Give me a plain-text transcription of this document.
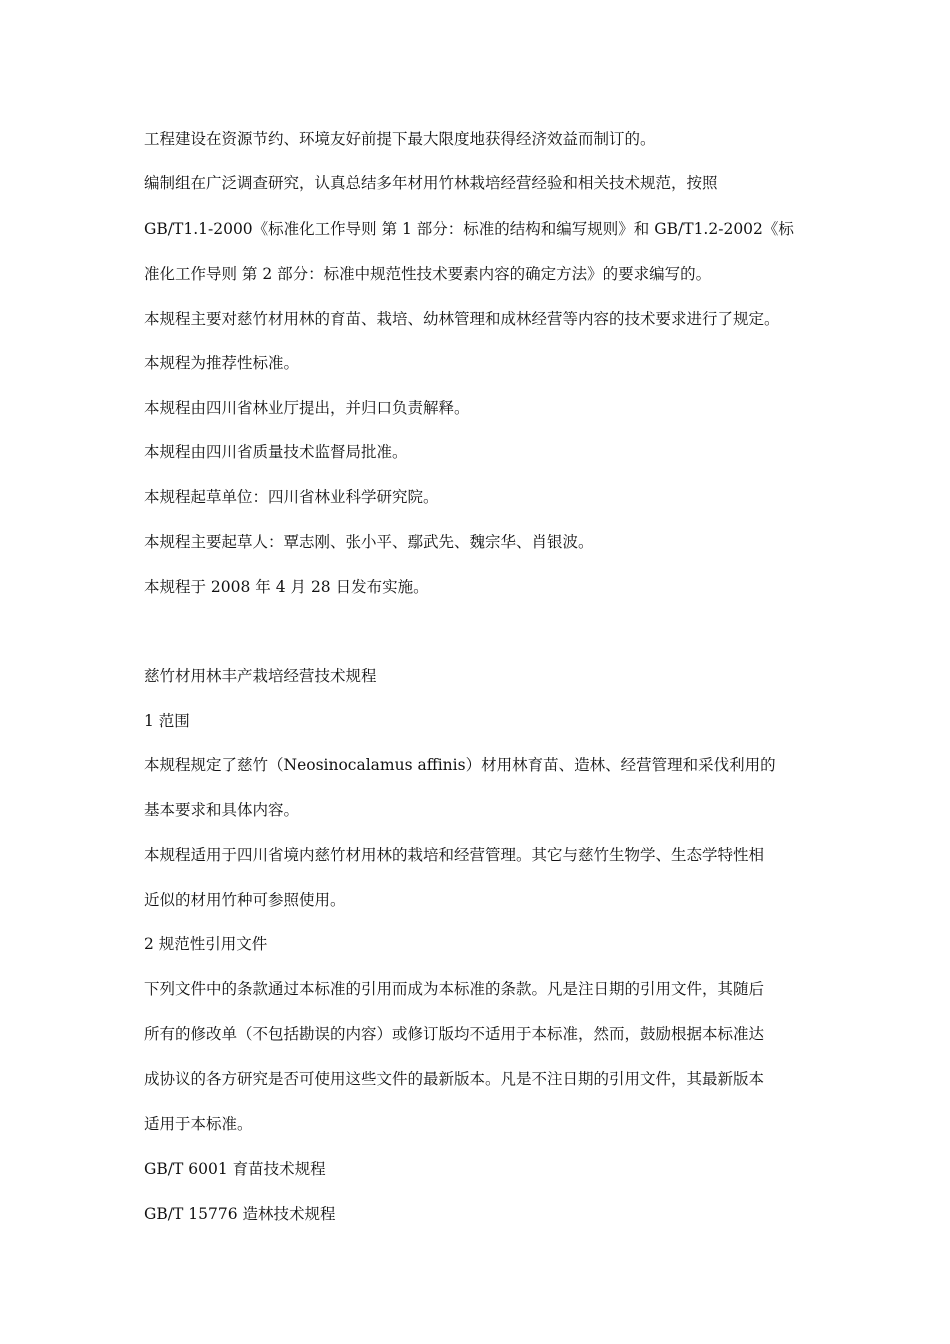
工程建设在资源节约、环境友好前提下最大限度地获得经济效益而制订的。
编制组在广泛调查研究，认真总结多年材用竹林栽培经营经验和相关技术规范，按照
GB/T1.1-2000《标准化工作导则 第 1 部分：标准的结构和编写规则》和 GB/T1.2-2002《标
准化工作导则 第 2 部分：标准中规范性技术要素内容的确定方法》的要求编写的。
本规程主要对慈竹材用林的育苗、栽培、幼林管理和成林经营等内容的技术要求进行了规定。
本规程为推荐性标准。
本规程由四川省林业厅提出，并归口负责解释。
本规程由四川省质量技术监督局批准。
本规程起草单位：四川省林业科学研究院。
本规程主要起草人：覃志刚、张小平、鄢武先、魏宗华、肖银波。
本规程于 2008 年 4 月 28 日发布实施。
慈竹材用林丰产栽培经营技术规程
1 范围
本规程规定了慈竹（Neosinocalamus affinis）材用林育苗、造林、经营管理和采伐利用的
基本要求和具体内容。
本规程适用于四川省境内慈竹材用林的栽培和经营管理。其它与慈竹生物学、生态学特性相
近似的材用竹种可参照使用。
2 规范性引用文件
下列文件中的条款通过本标准的引用而成为本标准的条款。凡是注日期的引用文件，其随后
所有的修改单（不包括勘误的内容）或修订版均不适用于本标准，然而，鼓励根据本标准达
成协议的各方研究是否可使用这些文件的最新版本。凡是不注日期的引用文件，其最新版本
适用于本标准。
GB/T 6001 育苗技术规程
GB/T 15776 造林技术规程
